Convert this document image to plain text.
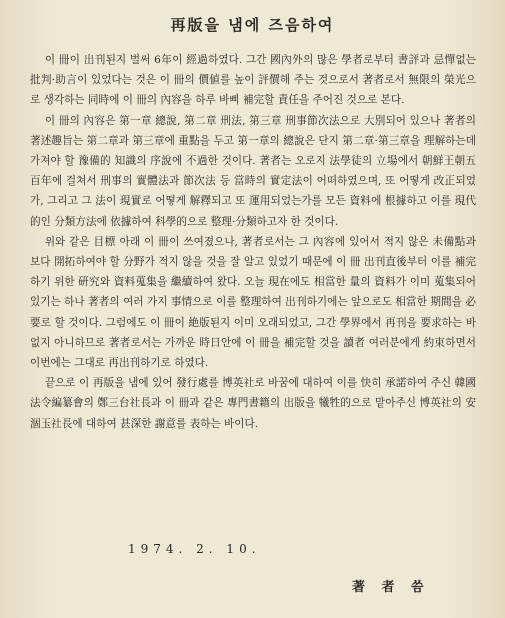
再版을 냄에 즈음하여

이 冊이 出刊된지 벌써 6年이 經過하였다. 그간 國內外의 많은 學者로부터 書評과 忌憚없는 批判·助言이 있었다는 것은 이 冊의 價値를 높이 評價해 주는 것으로서 著者로서 無限의 榮光으로 생각하는 同時에 이 冊의 內容을 하루 바삐 補完할 責任을 주어진 것으로 본다.

이 冊의 內容은 第一章 總說, 第二章 刑法, 第三章 刑事節次法으로 大別되어 있으나 著者의 著述趣旨는 第二章과 第三章에 重點을 두고 第一章의 總說은 단지 第二章·第三章을 理解하는데 가져야 할 豫備的 知識의 序說에 不過한 것이다. 著者는 오로지 法學徒의 立場에서 朝鮮王朝五百年에 걸쳐서 刑事의 實體法과 節次法 등 當時의 實定法이 어떠하였으며, 또 어떻게 改正되었가, 그리고 그 法이 現實로 어떻게 解釋되고 또 運用되었는가를 모든 資料에 根據하고 이를 現代的인 分類方法에 依據하여 科學的으로 整理·分類하고자 한 것이다.

위와 같은 目標 아래 이 冊이 쓰여졌으나, 著者로서는 그 內容에 있어서 적지 않은 未備點과 보다 開拓하여야 할 分野가 적지 않을 것을 잘 알고 있었기 때문에 이 冊 出刊直後부터 이를 補完하기 위한 硏究와 資料蒐集을 繼續하여 왔다. 오늘 現在에도 相當한 量의 資料가 이미 蒐集되어 있기는 하나 著者의 여러 가지 事情으로 이를 整理하여 出刊하기에는 앞으로도 相當한 期間을 必要로 할 것이다. 그럼에도 이 冊이 絶版된지 이미 오래되었고, 그간 學界에서 再刊을 要求하는 바 없지 아니하므로 著者로서는 가까운 時日안에 이 冊을 補完할 것을 讀者 여러분에게 約束하면서 이번에는 그대로 再出刊하기로 하였다.

끝으로 이 再版을 냄에 있어 發行處를 博英社로 바꿈에 대하여 이를 快히 承諾하여 주신 韓國法令編纂會의 鄭三台社長과 이 冊과 같은 專門書籍의 出版을 犧牲的으로 맡아주신 博英社의 安涸玉社長에 대하여 甚深한 謝意를 表하는 바이다.

1974. 2. 10.
著 者 씀
